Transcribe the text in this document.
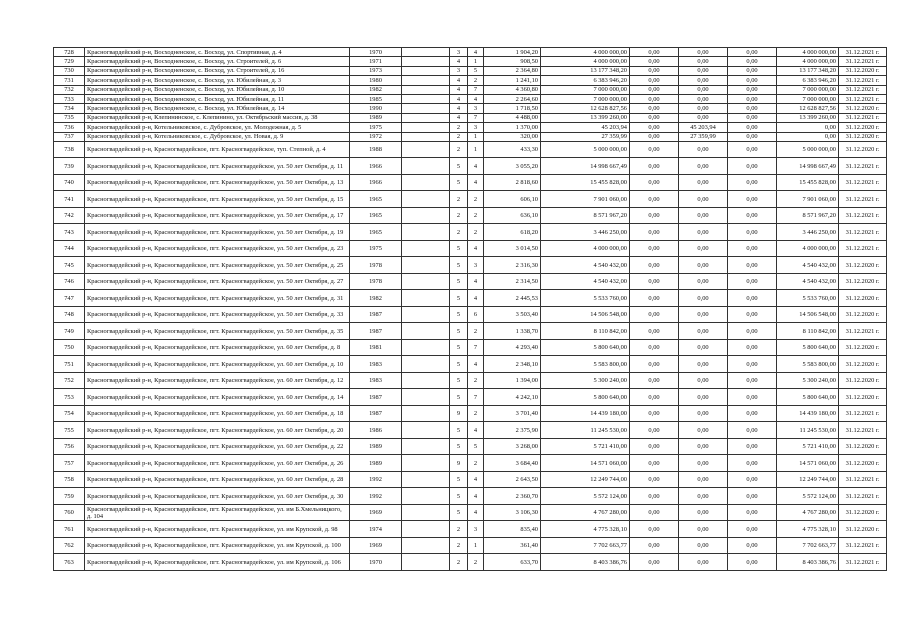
728	Красногвардейский р-н, Восходненское, с. Восход, ул. Спортивная, д. 4	1970		3	4	1 904,20	4 000 000,00	0,00	0,00	0,00	4 000 000,00	31.12.2021 г.
729	Красногвардейский р-н, Восходненское, с. Восход, ул. Строителей, д. 6	1971		4	1	908,50	4 000 000,00	0,00	0,00	0,00	4 000 000,00	31.12.2021 г.
730	Красногвардейский р-н, Восходненское, с. Восход, ул. Строителей, д. 16	1973		3	5	2 364,80	13 177 348,20	0,00	0,00	0,00	13 177 348,20	31.12.2020 г.
731	Красногвардейский р-н, Восходненское, с. Восход, ул. Юбилейная, д. 3	1980		4	2	1 241,10	6 383 946,20	0,00	0,00	0,00	6 383 946,20	31.12.2021 г.
732	Красногвардейский р-н, Восходненское, с. Восход, ул. Юбилейная, д. 10	1982		4	7	4 360,80	7 000 000,00	0,00	0,00	0,00	7 000 000,00	31.12.2021 г.
733	Красногвардейский р-н, Восходненское, с. Восход, ул. Юбилейная, д. 11	1985		4	4	2 264,60	7 000 000,00	0,00	0,00	0,00	7 000 000,00	31.12.2021 г.
734	Красногвардейский р-н, Восходненское, с. Восход, ул. Юбилейная, д. 14	1990		4	3	1 718,50	12 628 827,56	0,00	0,00	0,00	12 628 827,56	31.12.2020 г.
735	Красногвардейский р-н, Клепининское, с. Клепинино, ул. Октябрьский массив, д. 38	1989		4	7	4 488,00	13 399 260,00	0,00	0,00	0,00	13 399 260,00	31.12.2021 г.
736	Красногвардейский р-н, Котельниковское, с. Дубровское, ул. Молодежная, д. 5	1975		2	3	1 370,00	45 203,94	0,00	45 203,94	0,00	0,00	31.12.2020 г.
737	Красногвардейский р-н, Котельниковское, с. Дубровское, ул. Новая, д. 9	1972		2	1	320,00	27 359,99	0,00	27 359,99	0,00	0,00	31.12.2020 г.
738	Красногвардейский р-н, Красногвардейское, пгт. Красногвардейское, туп. Степной, д. 4	1988		2	1	433,30	5 000 000,00	0,00	0,00	0,00	5 000 000,00	31.12.2020 г.
739	Красногвардейский р-н, Красногвардейское, пгт. Красногвардейское, ул. 50 лет Октября, д. 11	1966		5	4	3 055,20	14 998 667,49	0,00	0,00	0,00	14 998 667,49	31.12.2021 г.
740	Красногвардейский р-н, Красногвардейское, пгт. Красногвардейское, ул. 50 лет Октября, д. 13	1966		5	4	2 818,60	15 455 828,00	0,00	0,00	0,00	15 455 828,00	31.12.2021 г.
741	Красногвардейский р-н, Красногвардейское, пгт. Красногвардейское, ул. 50 лет Октября, д. 15	1965		2	2	606,10	7 901 060,00	0,00	0,00	0,00	7 901 060,00	31.12.2021 г.
742	Красногвардейский р-н, Красногвардейское, пгт. Красногвардейское, ул. 50 лет Октября, д. 17	1965		2	2	636,10	8 571 967,20	0,00	0,00	0,00	8 571 967,20	31.12.2021 г.
743	Красногвардейский р-н, Красногвардейское, пгт. Красногвардейское, ул. 50 лет Октября, д. 19	1965		2	2	618,20	3 446 250,00	0,00	0,00	0,00	3 446 250,00	31.12.2021 г.
744	Красногвардейский р-н, Красногвардейское, пгт. Красногвардейское, ул. 50 лет Октября, д. 23	1975		5	4	3 014,50	4 000 000,00	0,00	0,00	0,00	4 000 000,00	31.12.2021 г.
745	Красногвардейский р-н, Красногвардейское, пгт. Красногвардейское, ул. 50 лет Октября, д. 25	1978		5	3	2 316,30	4 540 432,00	0,00	0,00	0,00	4 540 432,00	31.12.2020 г.
746	Красногвардейский р-н, Красногвардейское, пгт. Красногвардейское, ул. 50 лет Октября, д. 27	1978		5	4	2 314,50	4 540 432,00	0,00	0,00	0,00	4 540 432,00	31.12.2020 г.
747	Красногвардейский р-н, Красногвардейское, пгт. Красногвардейское, ул. 50 лет Октября, д. 31	1982		5	4	2 445,53	5 533 760,00	0,00	0,00	0,00	5 533 760,00	31.12.2020 г.
748	Красногвардейский р-н, Красногвардейское, пгт. Красногвардейское, ул. 50 лет Октября, д. 33	1987		5	6	3 503,40	14 506 548,00	0,00	0,00	0,00	14 506 548,00	31.12.2020 г.
749	Красногвардейский р-н, Красногвардейское, пгт. Красногвардейское, ул. 50 лет Октября, д. 35	1987		5	2	1 338,70	8 110 842,00	0,00	0,00	0,00	8 110 842,00	31.12.2021 г.
750	Красногвардейский р-н, Красногвардейское, пгт. Красногвардейское, ул. 60 лет Октября, д. 8	1981		5	7	4 293,40	5 800 640,00	0,00	0,00	0,00	5 800 640,00	31.12.2020 г.
751	Красногвардейский р-н, Красногвардейское, пгт. Красногвардейское, ул. 60 лет Октября, д. 10	1983		5	4	2 348,10	5 583 800,00	0,00	0,00	0,00	5 583 800,00	31.12.2020 г.
752	Красногвардейский р-н, Красногвардейское, пгт. Красногвардейское, ул. 60 лет Октября, д. 12	1983		5	2	1 394,00	5 300 240,00	0,00	0,00	0,00	5 300 240,00	31.12.2020 г.
753	Красногвардейский р-н, Красногвардейское, пгт. Красногвардейское, ул. 60 лет Октября, д. 14	1987		5	7	4 242,10	5 800 640,00	0,00	0,00	0,00	5 800 640,00	31.12.2020 г.
754	Красногвардейский р-н, Красногвардейское, пгт. Красногвардейское, ул. 60 лет Октября, д. 18	1987		9	2	3 701,40	14 439 180,00	0,00	0,00	0,00	14 439 180,00	31.12.2021 г.
755	Красногвардейский р-н, Красногвардейское, пгт. Красногвардейское, ул. 60 лет Октября, д. 20	1986		5	4	2 375,90	11 245 530,00	0,00	0,00	0,00	11 245 530,00	31.12.2021 г.
756	Красногвардейский р-н, Красногвардейское, пгт. Красногвардейское, ул. 60 лет Октября, д. 22	1989		5	5	3 268,00	5 721 410,00	0,00	0,00	0,00	5 721 410,00	31.12.2020 г.
757	Красногвардейский р-н, Красногвардейское, пгт. Красногвардейское, ул. 60 лет Октября, д. 26	1989		9	2	3 684,40	14 571 060,00	0,00	0,00	0,00	14 571 060,00	31.12.2020 г.
758	Красногвардейский р-н, Красногвардейское, пгт. Красногвардейское, ул. 60 лет Октября, д. 28	1992		5	4	2 643,50	12 249 744,00	0,00	0,00	0,00	12 249 744,00	31.12.2021 г.
759	Красногвардейский р-н, Красногвардейское, пгт. Красногвардейское, ул. 60 лет Октября, д. 30	1992		5	4	2 360,70	5 572 124,00	0,00	0,00	0,00	5 572 124,00	31.12.2021 г.
760	Красногвардейский р-н, Красногвардейское, пгт. Красногвардейское, ул. им Б.Хмельницкого, д. 104	1969		5	4	3 106,30	4 767 280,00	0,00	0,00	0,00	4 767 280,00	31.12.2020 г.
761	Красногвардейский р-н, Красногвардейское, пгт. Красногвардейское, ул. им Крупской, д. 98	1974		2	3	835,40	4 775 328,10	0,00	0,00	0,00	4 775 328,10	31.12.2020 г.
762	Красногвардейский р-н, Красногвардейское, пгт. Красногвардейское, ул. им Крупской, д. 100	1969		2	1	361,40	7 702 663,77	0,00	0,00	0,00	7 702 663,77	31.12.2021 г.
763	Красногвардейский р-н, Красногвардейское, пгт. Красногвардейское, ул. им Крупской, д. 106	1970		2	2	633,70	8 403 386,76	0,00	0,00	0,00	8 403 386,76	31.12.2021 г.
